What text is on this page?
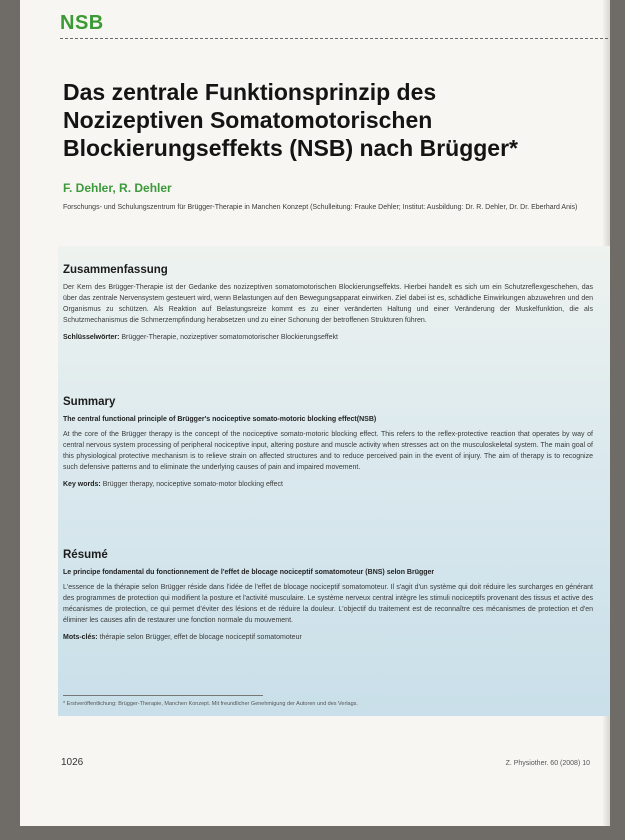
NSB
Das zentrale Funktionsprinzip des Nozizeptiven Somatomotorischen Blockierungseffekts (NSB) nach Brügger*

F. Dehler, R. Dehler

Forschungs- und Schulungszentrum für Brügger-Therapie in Manchen Konzept (Schulleitung: Frauke Dehler; Institut: Ausbildung: Dr. R. Dehler, Dr. Dr. Eberhard Anis)

Zusammenfassung

Der Kern des Brügger-Therapie ist der Gedanke des nozizeptiven somatomotorischen Blockierungseffekts. Hierbei handelt es sich um ein Schutzreflexgeschehen, das über das zentrale Nervensystem gesteuert wird, wenn Belastungen auf den Bewegungsapparat einwirken. Ziel dabei ist es, schädliche Einwirkungen abzuwehren und den Organismus zu schützen. Als Reaktion auf Belastungsreize kommt es zu einer veränderten Haltung und einer Veränderung der Muskelfunktion, die als Schutzmechanismus die Schmerzempfindung herabsetzen und zu einer Schonung der betroffenen Strukturen führen.

Schlüsselwörter: Brügger-Therapie, nozizeptiver somatomotorischer Blockierungseffekt

Summary

The central functional principle of Brügger's nociceptive somato-motoric blocking effect(NSB)

At the core of the Brügger therapy is the concept of the nociceptive somato-motoric blocking effect. This refers to the reflex-protective reaction that operates by way of central nervous system processing of peripheral nociceptive input, altering posture and muscle activity when stresses act on the musculoskeletal system. The main goal of this physiological protective mechanism is to relieve strain on affected structures and to reduce perceived pain in the event of injury. The aim of therapy is to recognize such defensive patterns and to eliminate the underlying causes of pain and impaired movement.

Key words: Brügger therapy, nociceptive somato-motor blocking effect

Résumé

Le principe fondamental du fonctionnement de l'effet de blocage nociceptif somatomoteur (BNS) selon Brügger

L'essence de la thérapie selon Brügger réside dans l'idée de l'effet de blocage nociceptif somatomoteur. Il s'agit d'un système qui doit réduire les surcharges en générant des programmes de protection qui modifient la posture et l'activité musculaire. Le système nerveux central intègre les stimuli nociceptifs provenant des tissus et active des mécanismes de protection, ce qui permet d'éviter des lésions et de réduire la douleur. L'objectif du traitement est de reconnaître ces mécanismes de protection et d'en éliminer les causes afin de restaurer une fonction normale du mouvement.

Mots-clés: thérapie selon Brügger, effet de blocage nociceptif somatomoteur

* Erstveröffentlichung: Brügger-Therapie, Manchen Konzept. Mit freundlicher Genehmigung der Autoren und des Verlags.

1026	Z. Physiother. 60 (2008) 10
